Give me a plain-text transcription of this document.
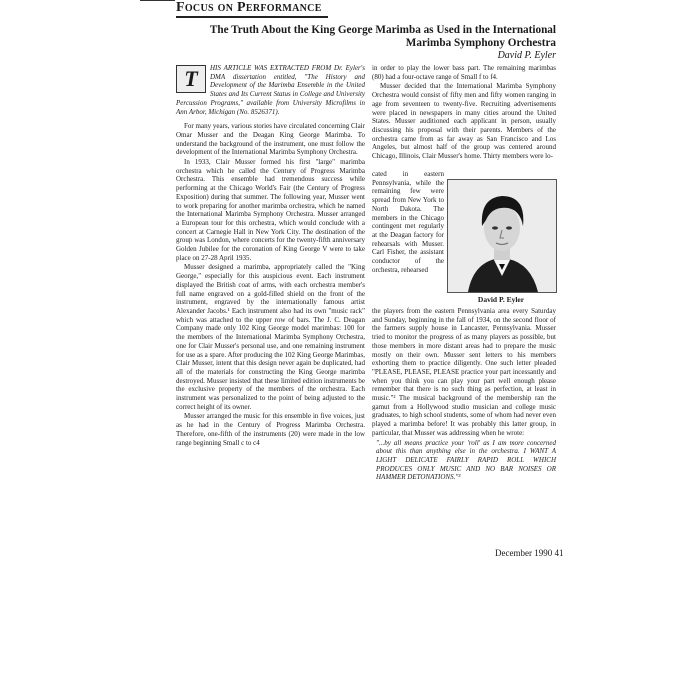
Focus on Performance
The Truth About the King George Marimba as Used in the International
Marimba Symphony Orchestra
David P. Eyler

T	HIS ARTICLE WAS EXTRACTED FROM Dr. Eyler's DMA dissertation entitled, "The History and Development of the Marimba Ensemble in the United States and Its Current Status in College and University Percussion Programs," available from University Microfilms in Ann Arbor, Michigan (No. 8526371).

For many years, various stories have circulated concerning Clair Omar Musser and the Deagan King George Marimba. To understand the background of the instrument, one must follow the development of the International Marimba Symphony Orchestra.

In 1933, Clair Musser formed his first "large" marimba orchestra which he called the Century of Progress Marimba Orchestra. This ensemble had tremendous success while performing at the Chicago World's Fair (the Century of Progress Exposition) during that summer. The following year, Musser went to work preparing for another marimba orchestra, which he named the International Marimba Symphony Orchestra. Musser arranged a European tour for this orchestra, which would conclude with a concert at Carnegie Hall in New York City. The destination of the group was London, where concerts for the twenty-fifth anniversary Golden Jubilee for the coronation of King George V were to take place on 27-28 April 1935.

Musser designed a marimba, appropriately called the "King George," especially for this auspicious event. Each instrument displayed the British coat of arms, with each orchestra member's full name engraved on a gold-filled shield on the front of the instrument, engraved by the internationally famous artist Alexander Jacobs.¹ Each instrument also had its own "music rack" which was attached to the upper row of bars. The J. C. Deagan Company made only 102 King George model marimbas: 100 for the members of the International Marimba Symphony Orchestra, one for Clair Musser's personal use, and one remaining instrument for use as a spare. After producing the 102 King George Marimbas, Clair Musser, intent that this design never again be duplicated, had all of the materials for constructing the King George marimba destroyed. Musser insisted that these limited edition instruments be the exclusive property of the members of the orchestra. Each instrument was personalized to the point of being adjusted to the correct height of its owner.

Musser arranged the music for this ensemble in five voices, just as he had in the Century of Progress Marimba Orchestra. Therefore, one-fifth of the instruments (20) were made in the low range beginning Small c to c4

in order to play the lower bass part. The remaining marimbas (80) had a four-octave range of Small f to f4.

Musser decided that the International Marimba Symphony Orchestra would consist of fifty men and fifty women ranging in age from seventeen to twenty-five. Recruiting advertisements were placed in newspapers in many cities around the United States. Musser auditioned each applicant in person, usually discussing his proposal with their parents. Members of the orchestra came from as far away as San Francisco and Los Angeles, but almost half of the group was centered around Chicago, Illinois, Clair Musser's home. Thirty members were lo-

cated in eastern Pennsylvania, while the remaining few were spread from New York to North Dakota. The members in the Chicago contingent met regularly at the Deagan factory for rehearsals with Musser. Carl Fisher, the assistant conductor of the orchestra, rehearsed
David P. Eyler

the players from the eastern Pennsylvania area every Saturday and Sunday, beginning in the fall of 1934, on the second floor of the farmers supply house in Lancaster, Pennsylvania. Musser tried to monitor the progress of as many players as possible, but those members in more distant areas had to prepare the music mostly on their own. Musser sent letters to his members exhorting them to practice diligently. One such letter pleaded "PLEASE, PLEASE, PLEASE practice your part incessantly and when you think you can play your part well enough please remember that there is no such thing as perfection, at least in music."² The musical background of the membership ran the gamut from a Hollywood studio musician and college music graduates, to high school students, some of whom had never even played a marimba before! It was probably this latter group, in particular, that Musser was addressing when he wrote:

"...by all means practice your 'roll' as I am more concerned about this than anything else in the orchestra. I WANT A LIGHT DELICATE FAIRLY RAPID ROLL WHICH PRODUCES ONLY MUSIC AND NO BAR NOISES OR HAMMER DETONATIONS."³

December 1990 41
